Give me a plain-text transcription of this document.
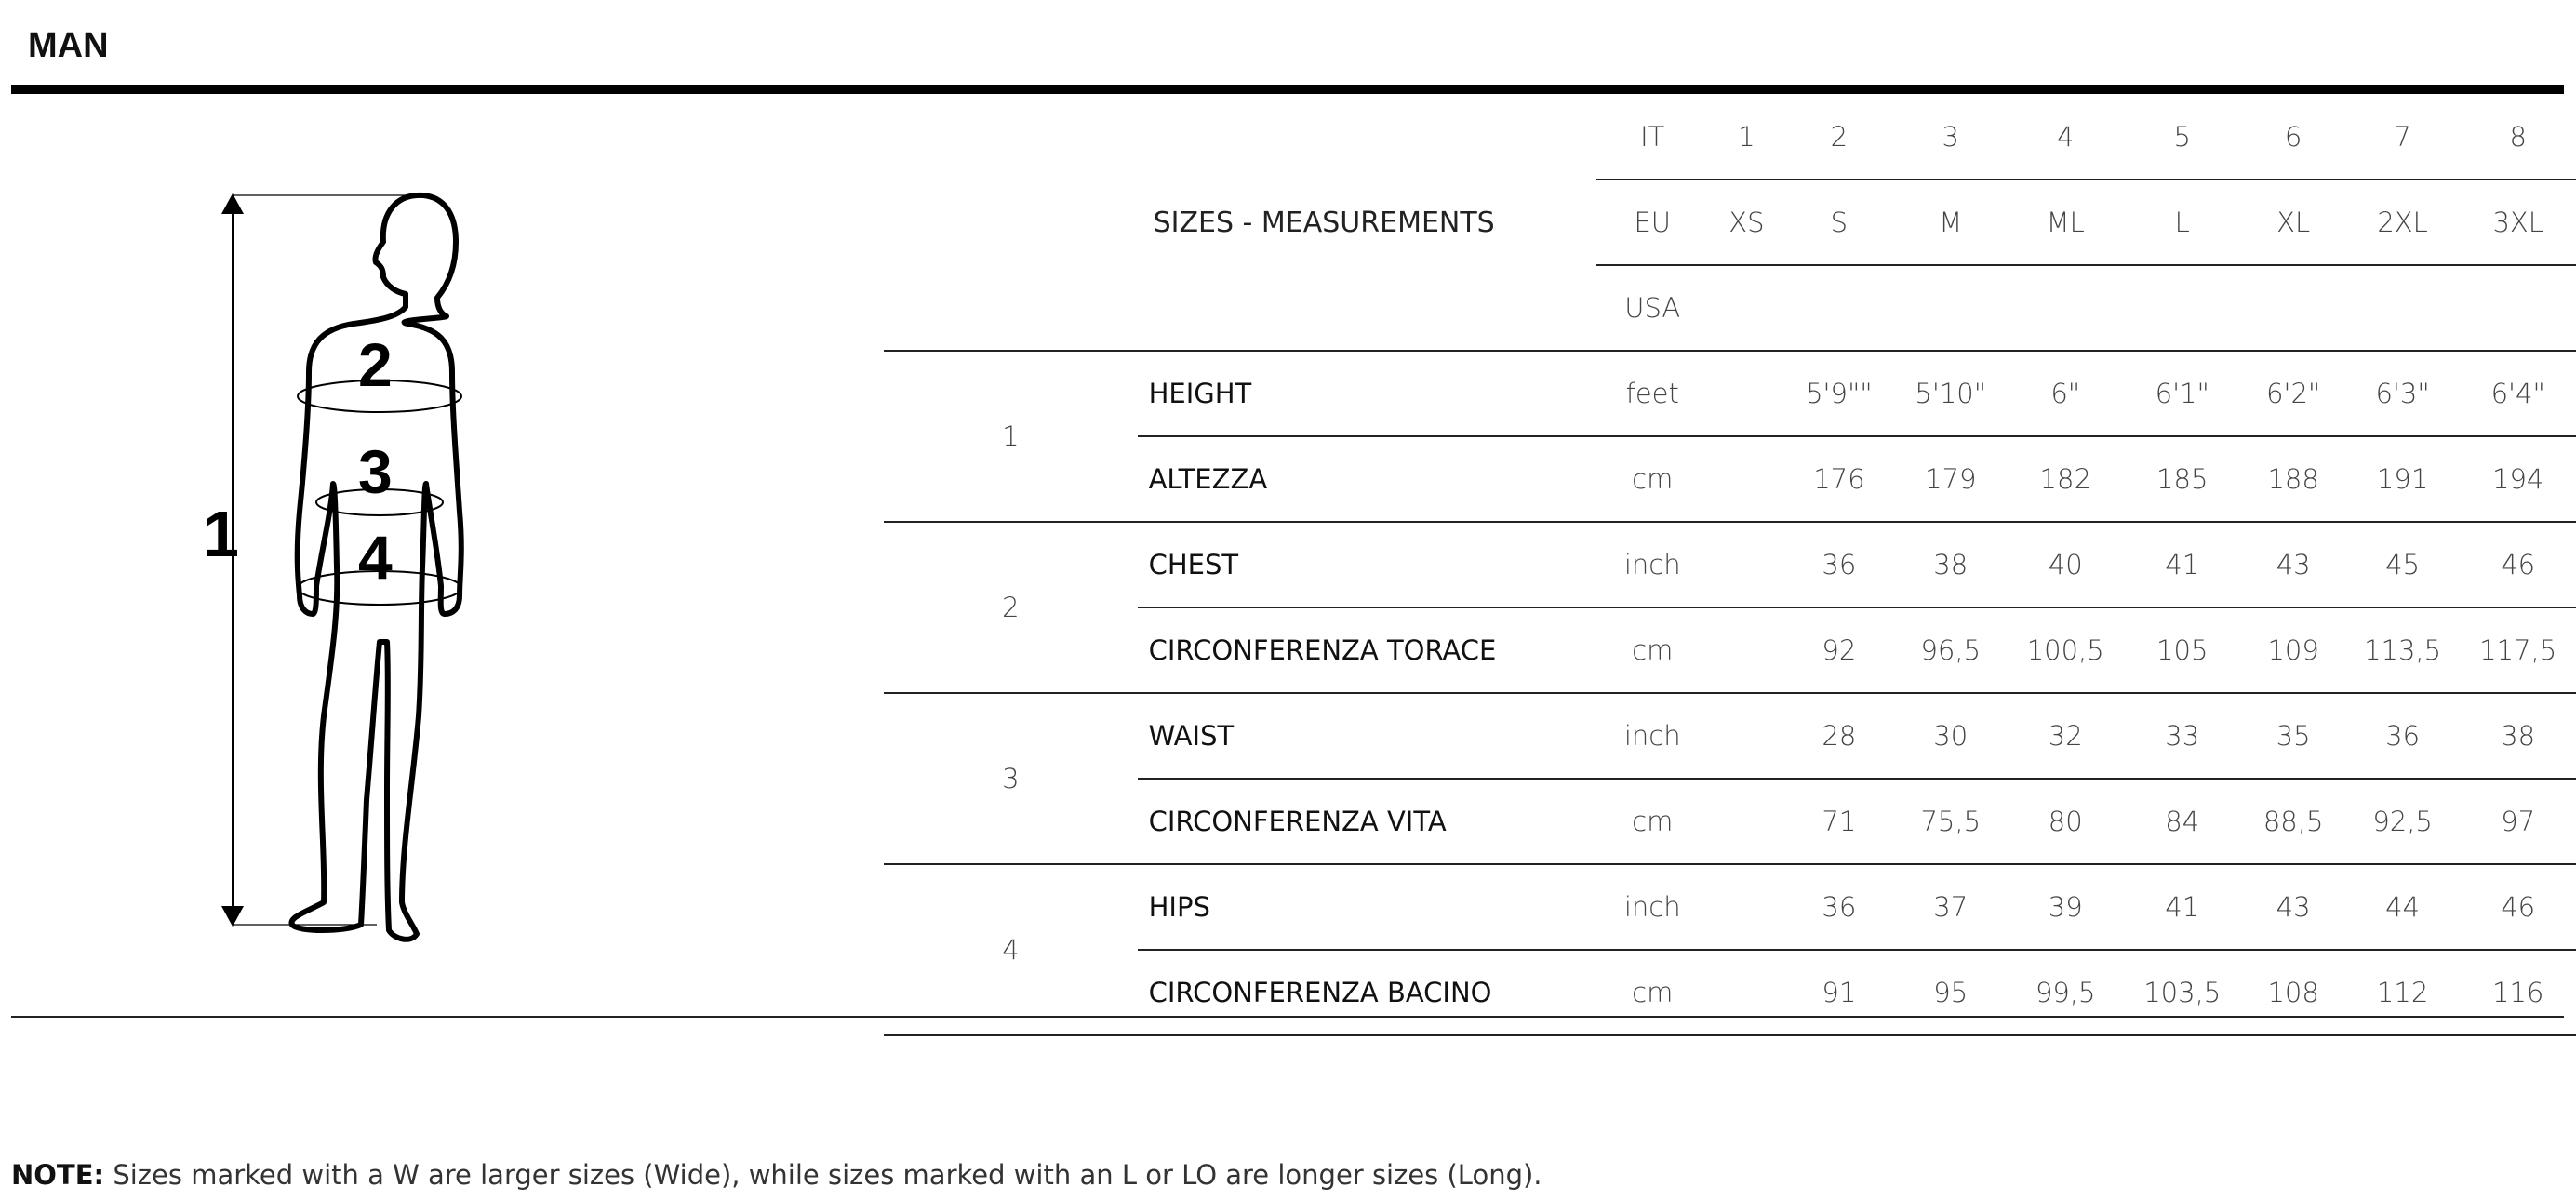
MAN
1
2
3
4
		IT	1	2	3	4	5	6	7	8
SIZES - MEASUREMENTS		EU	XS	S	M	ML	L	XL	2XL	3XL
		USA								
1	HEIGHT	feet		5'9""	5'10"	6"	6'1"	6'2"	6'3"	6'4"
	ALTEZZA	cm		176	179	182	185	188	191	194
2	CHEST	inch		36	38	40	41	43	45	46
	CIRCONFERENZA TORACE	cm		92	96,5	100,5	105	109	113,5	117,5
3	WAIST	inch		28	30	32	33	35	36	38
	CIRCONFERENZA VITA	cm		71	75,5	80	84	88,5	92,5	97
4	HIPS	inch		36	37	39	41	43	44	46
	CIRCONFERENZA BACINO	cm		91	95	99,5	103,5	108	112	116
NOTE: Sizes marked with a W are larger sizes (Wide), while sizes marked with an L or LO are longer sizes (Long).
